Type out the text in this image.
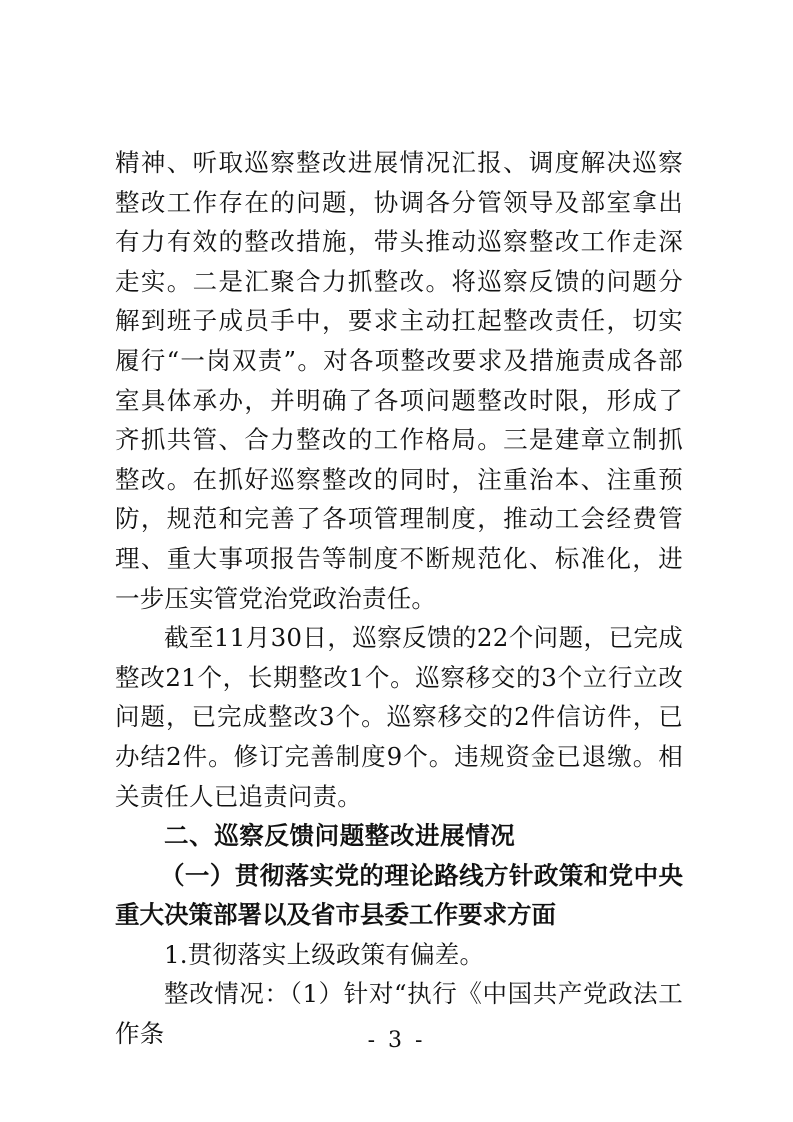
精神、听取巡察整改进展情况汇报、调度解决巡察整改工作存在的问题，协调各分管领导及部室拿出有力有效的整改措施，带头推动巡察整改工作走深走实。二是汇聚合力抓整改。将巡察反馈的问题分解到班子成员手中，要求主动扛起整改责任，切实履行“一岗双责”。对各项整改要求及措施责成各部室具体承办，并明确了各项问题整改时限，形成了齐抓共管、合力整改的工作格局。三是建章立制抓整改。在抓好巡察整改的同时，注重治本、注重预防，规范和完善了各项管理制度，推动工会经费管理、重大事项报告等制度不断规范化、标准化，进一步压实管党治党政治责任。

截至11月30日，巡察反馈的22个问题，已完成整改21个，长期整改1个。巡察移交的3个立行立改问题，已完成整改3个。巡察移交的2件信访件，已办结2件。修订完善制度9个。违规资金已退缴。相关责任人已追责问责。

二、巡察反馈问题整改进展情况

（一）贯彻落实党的理论路线方针政策和党中央重大决策部署以及省市县委工作要求方面

1.贯彻落实上级政策有偏差。

整改情况：（1）针对“执行《中国共产党政法工作条	- 3 -
